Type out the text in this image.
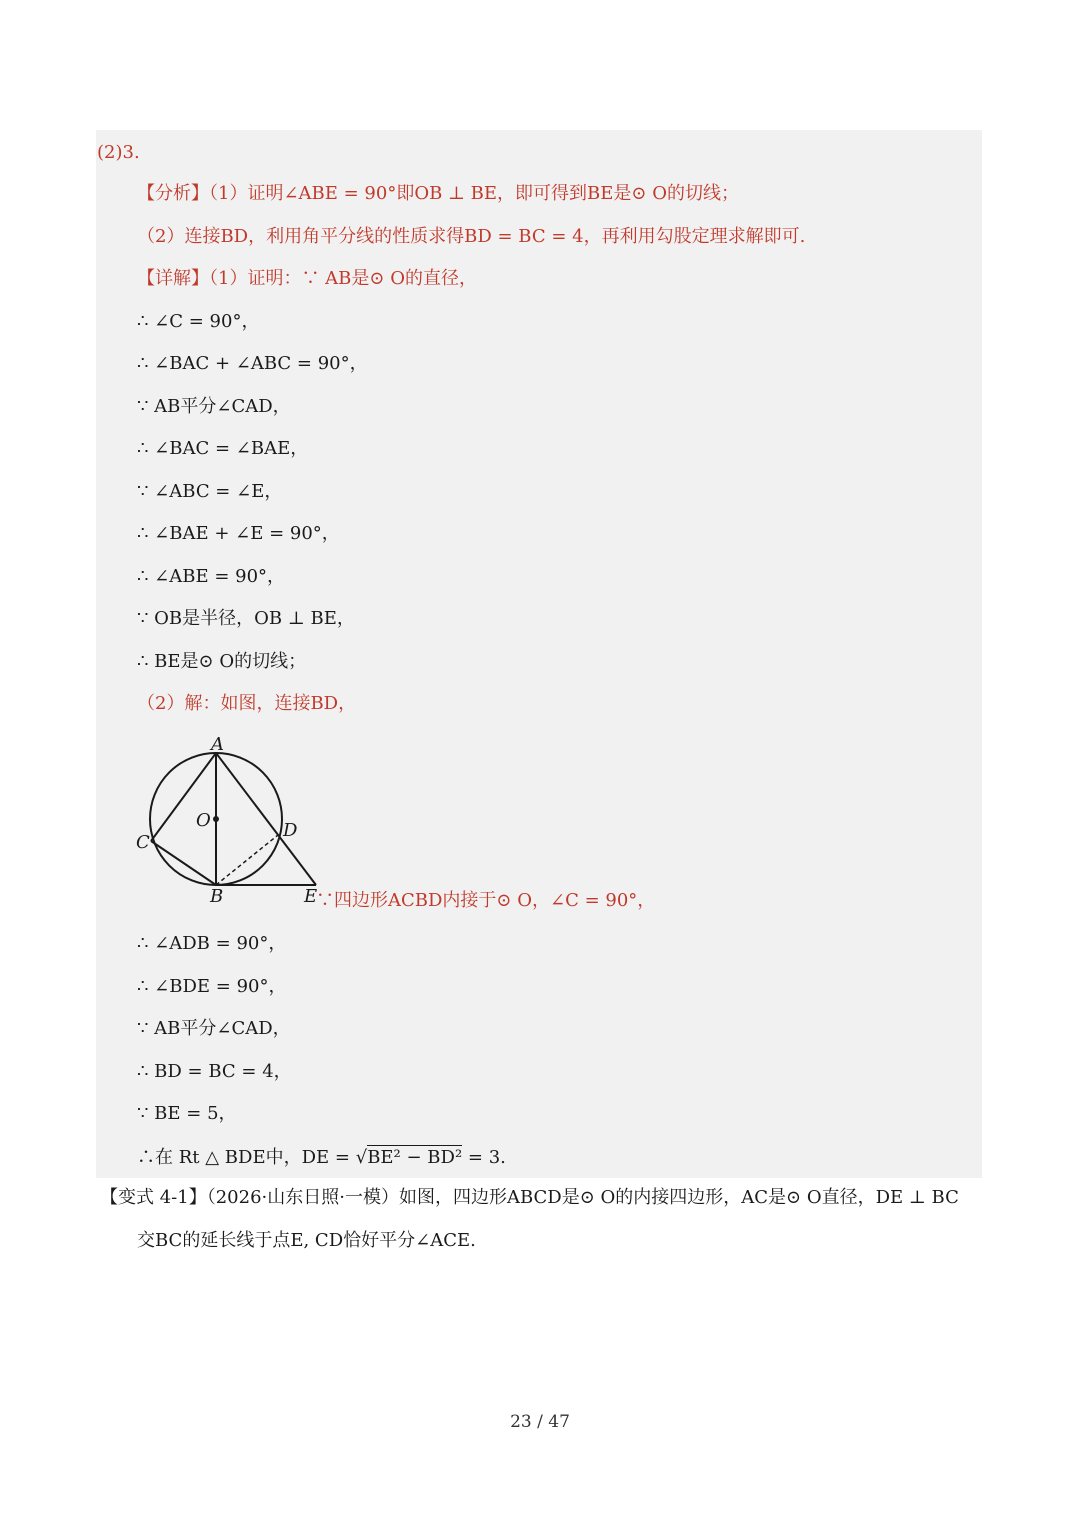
(2)3.
【分析】（1）证明∠ABE = 90°即OB ⊥ BE，即可得到BE是⊙ O的切线；
（2）连接BD，利用角平分线的性质求得BD = BC = 4，再利用勾股定理求解即可.
【详解】（1）证明：∵ AB是⊙ O的直径，
∴ ∠C = 90°，
∴ ∠BAC + ∠ABC = 90°，
∵ AB平分∠CAD，
∴ ∠BAC = ∠BAE，
∵ ∠ABC = ∠E，
∴ ∠BAE + ∠E = 90°，
∴ ∠ABE = 90°，
∵ OB是半径，OB ⊥ BE，
∴ BE是⊙ O的切线；
（2）解：如图，连接BD，
A
O
C
D
B	E
∵四边形ACBD内接于⊙ O，∠C = 90°，
∴ ∠ADB = 90°，
∴ ∠BDE = 90°，
∵ AB平分∠CAD，
∴ BD = BC = 4，
∵ BE = 5，
∴在 Rt △ BDE中，DE = √BE² − BD² = 3.
【变式 4-1】（2026·山东日照·一模）如图，四边形ABCD是⊙ O的内接四边形，AC是⊙ O直径，DE ⊥ BC
交BC的延长线于点E, CD恰好平分∠ACE.
23 / 47
